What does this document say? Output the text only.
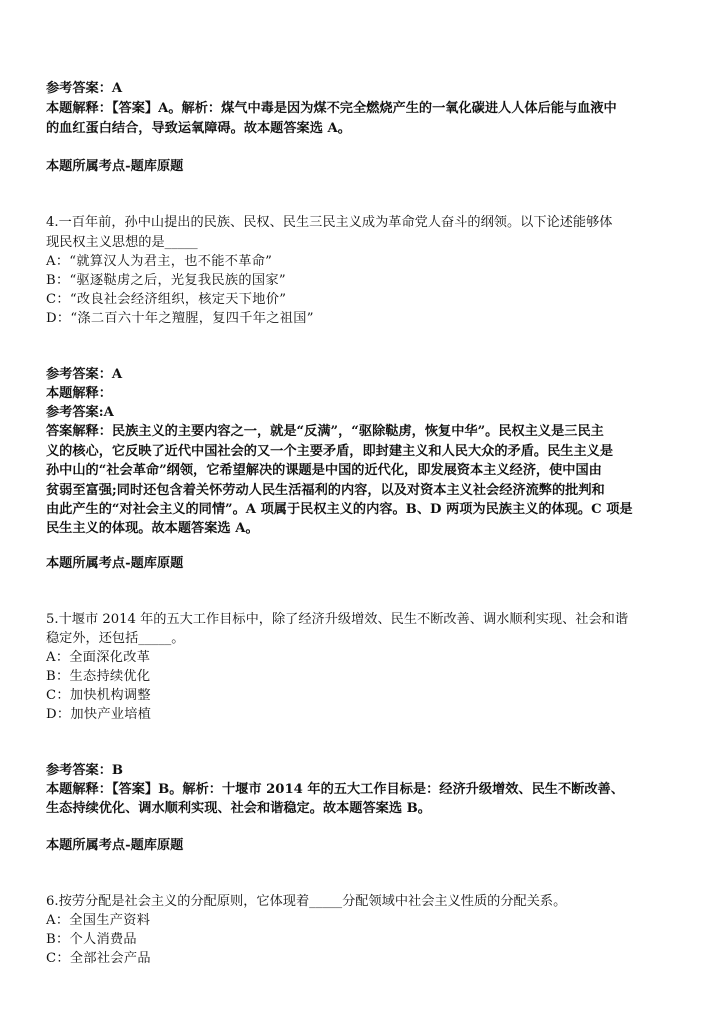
参考答案：A
本题解释：【答案】A。解析：煤气中毒是因为煤不完全燃烧产生的一氧化碳进人人体后能与血液中
的血红蛋白结合，导致运氧障碍。故本题答案选 A。
本题所属考点-题库原题
4.一百年前，孙中山提出的民族、民权、民生三民主义成为革命党人奋斗的纲领。以下论述能够体
现民权主义思想的是_____
A：“就算汉人为君主，也不能不革命”
B：“驱逐鞑虏之后，光复我民族的国家”
C：“改良社会经济组织，核定天下地价”
D：“涤二百六十年之羶腥，复四千年之祖国”
参考答案：A
本题解释：
参考答案:A
答案解释：民族主义的主要内容之一，就是“反满”，“驱除鞑虏，恢复中华”。民权主义是三民主
义的核心，它反映了近代中国社会的又一个主要矛盾，即封建主义和人民大众的矛盾。民生主义是
孙中山的“社会革命”纲领，它希望解决的课题是中国的近代化，即发展资本主义经济，使中国由
贫弱至富强;同时还包含着关怀劳动人民生活福利的内容，以及对资本主义社会经济流弊的批判和
由此产生的“对社会主义的同情”。A 项属于民权主义的内容。B、D 两项为民族主义的体现。C 项是
民生主义的体现。故本题答案选 A。
本题所属考点-题库原题
5.十堰市 2014 年的五大工作目标中，除了经济升级增效、民生不断改善、调水顺利实现、社会和谐
稳定外，还包括_____。
A：全面深化改革
B：生态持续优化
C：加快机构调整
D：加快产业培植
参考答案：B
本题解释：【答案】B。解析：十堰市 2014 年的五大工作目标是：经济升级增效、民生不断改善、
生态持续优化、调水顺利实现、社会和谐稳定。故本题答案选 B。
本题所属考点-题库原题
6.按劳分配是社会主义的分配原则，它体现着_____分配领域中社会主义性质的分配关系。
A：全国生产资料
B：个人消费品
C：全部社会产品
